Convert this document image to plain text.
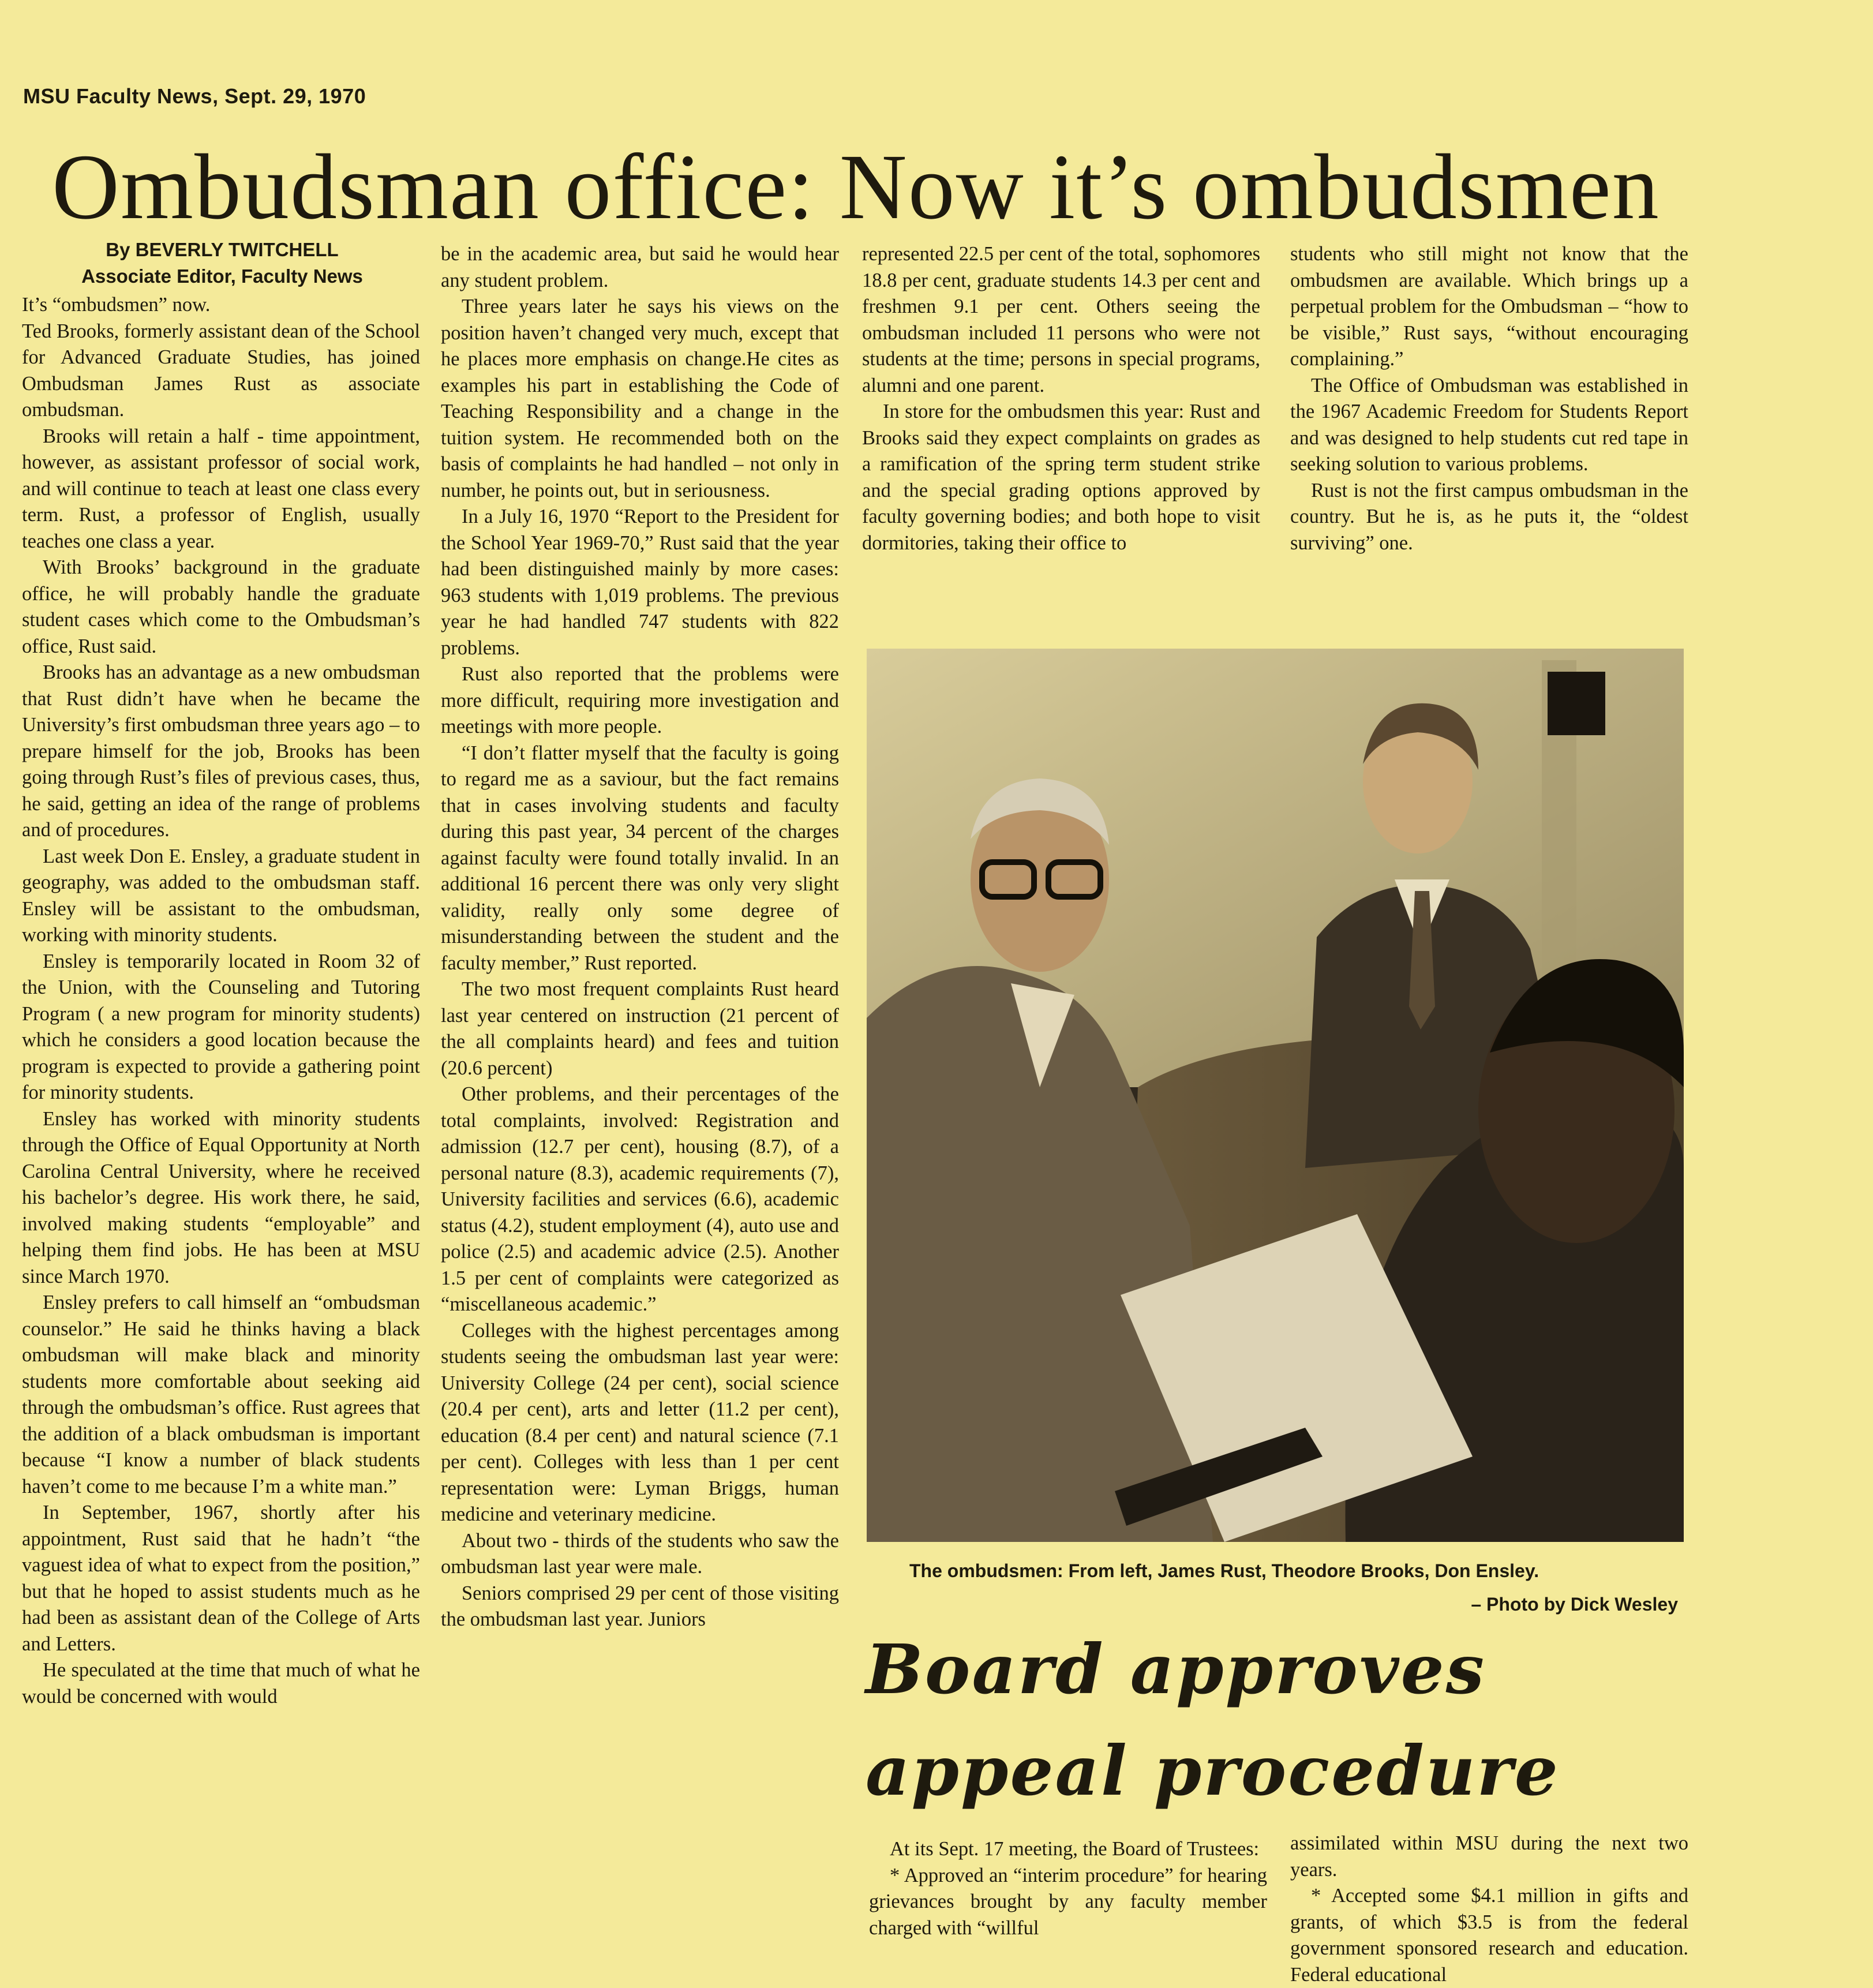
MSU Faculty News, Sept. 29, 1970
Ombudsman office: Now it’s ombudsmen
By BEVERLY TWITCHELL
Associate Editor, Faculty News

It’s “ombudsmen” now.

Ted Brooks, formerly assistant dean of the School for Advanced Graduate Studies, has joined Ombudsman James Rust as associate ombudsman.

Brooks will retain a half - time appointment, however, as assistant professor of social work, and will continue to teach at least one class every term. Rust, a professor of English, usually teaches one class a year.

With Brooks’ background in the graduate office, he will probably handle the graduate student cases which come to the Ombudsman’s office, Rust said.

Brooks has an advantage as a new ombudsman that Rust didn’t have when he became the University’s first ombudsman three years ago – to prepare himself for the job, Brooks has been going through Rust’s files of previous cases, thus, he said, getting an idea of the range of problems and of procedures.

Last week Don E. Ensley, a graduate student in geography, was added to the ombudsman staff. Ensley will be assistant to the ombudsman, working with minority students.

Ensley is temporarily located in Room 32 of the Union, with the Counseling and Tutoring Program ( a new program for minority students) which he considers a good location because the program is expected to provide a gathering point for minority students.

Ensley has worked with minority students through the Office of Equal Opportunity at North Carolina Central University, where he received his bachelor’s degree. His work there, he said, involved making students “employable” and helping them find jobs. He has been at MSU since March 1970.

Ensley prefers to call himself an “ombudsman counselor.” He said he thinks having a black ombudsman will make black and minority students more comfortable about seeking aid through the ombudsman’s office. Rust agrees that the addition of a black ombudsman is important because “I know a number of black students haven’t come to me because I’m a white man.”

In September, 1967, shortly after his appointment, Rust said that he hadn’t “the vaguest idea of what to expect from the position,” but that he hoped to assist students much as he had been as assistant dean of the College of Arts and Letters.

He speculated at the time that much of what he would be concerned with would

be in the academic area, but said he would hear any student problem.

Three years later he says his views on the position haven’t changed very much, except that he places more emphasis on change.He cites as examples his part in establishing the Code of Teaching Responsibility and a change in the tuition system. He recommended both on the basis of complaints he had handled – not only in number, he points out, but in seriousness.

In a July 16, 1970 “Report to the President for the School Year 1969-70,” Rust said that the year had been distinguished mainly by more cases: 963 students with 1,019 problems. The previous year he had handled 747 students with 822 problems.

Rust also reported that the problems were more difficult, requiring more investigation and meetings with more people.

“I don’t flatter myself that the faculty is going to regard me as a saviour, but the fact remains that in cases involving students and faculty during this past year, 34 percent of the charges against faculty were found totally invalid. In an additional 16 percent there was only very slight validity, really only some degree of misunderstanding between the student and the faculty member,” Rust reported.

The two most frequent complaints Rust heard last year centered on instruction (21 percent of the all complaints heard) and fees and tuition (20.6 percent)

Other problems, and their percentages of the total complaints, involved: Registration and admission (12.7 per cent), housing (8.7), of a personal nature (8.3), academic requirements (7), University facilities and services (6.6), academic status (4.2), student employment (4), auto use and police (2.5) and academic advice (2.5). Another 1.5 per cent of complaints were categorized as “miscellaneous academic.”

Colleges with the highest percentages among students seeing the ombudsman last year were: University College (24 per cent), social science (20.4 per cent), arts and letter (11.2 per cent), education (8.4 per cent) and natural science (7.1 per cent). Colleges with less than 1 per cent representation were: Lyman Briggs, human medicine and veterinary medicine.

About two - thirds of the students who saw the ombudsman last year were male.

Seniors comprised 29 per cent of those visiting the ombudsman last year. Juniors

represented 22.5 per cent of the total, sophomores 18.8 per cent, graduate students 14.3 per cent and freshmen 9.1 per cent. Others seeing the ombudsman included 11 persons who were not students at the time; persons in special programs, alumni and one parent.

In store for the ombudsmen this year: Rust and Brooks said they expect complaints on grades as a ramification of the spring term student strike and the special grading options approved by faculty governing bodies; and both hope to visit dormitories, taking their office to

students who still might not know that the ombudsmen are available. Which brings up a perpetual problem for the Ombudsman – “how to be visible,” Rust says, “without encouraging complaining.”

The Office of Ombudsman was established in the 1967 Academic Freedom for Students Report and was designed to help students cut red tape in seeking solution to various problems.

Rust is not the first campus ombudsman in the country. But he is, as he puts it, the “oldest surviving” one.

The ombudsmen: From left, James Rust, Theodore Brooks, Don Ensley.
– Photo by Dick Wesley
Board approves
appeal procedure

At its Sept. 17 meeting, the Board of Trustees:

* Approved an “interim procedure” for hearing grievances brought by any faculty member charged with “willful

assimilated within MSU during the next two years.

* Accepted some $4.1 million in gifts and grants, of which $3.5 is from the federal government sponsored research and education. Federal educational
